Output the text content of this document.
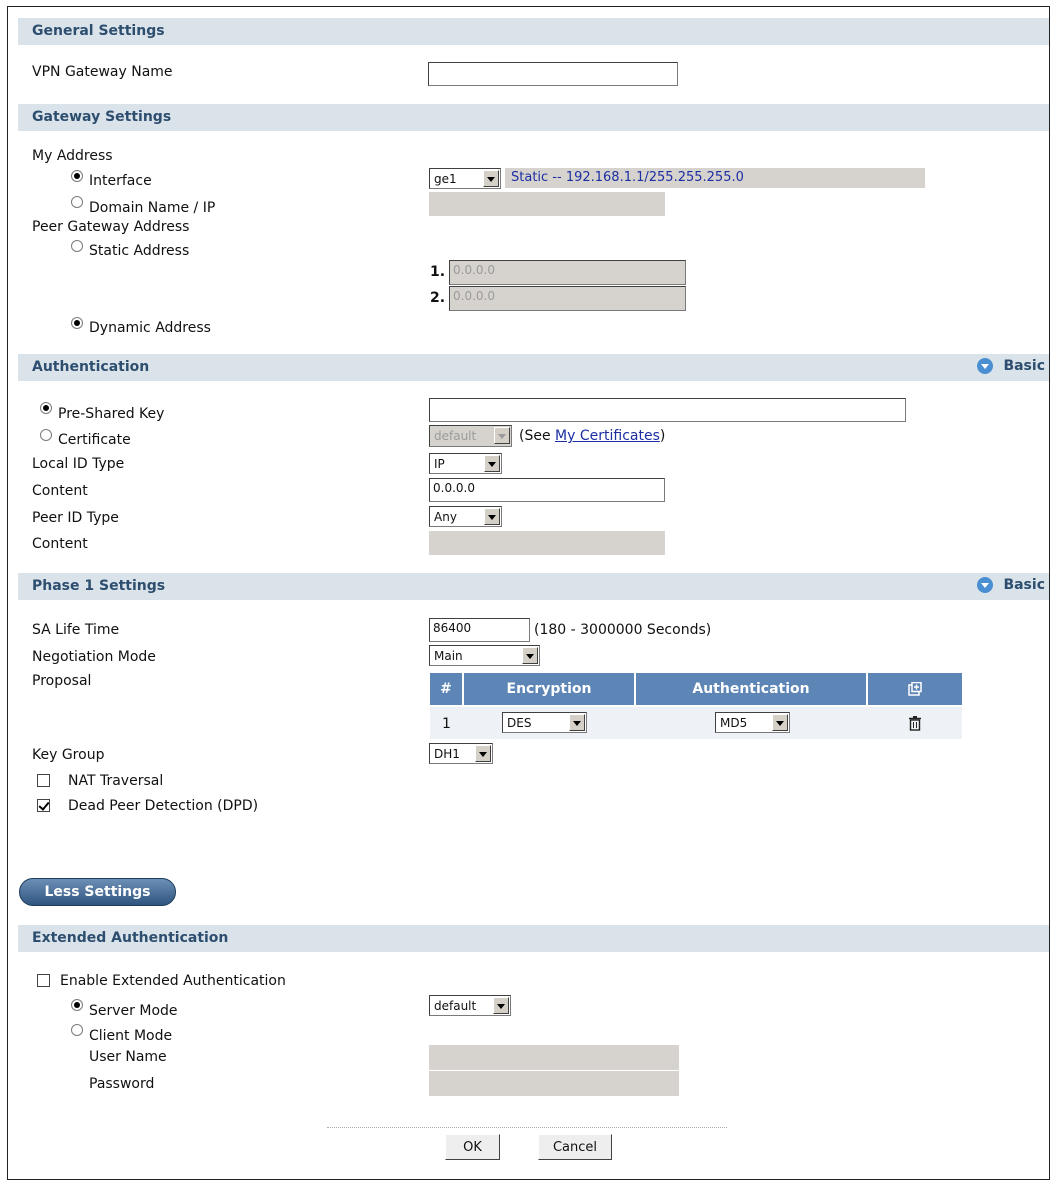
General Settings
VPN Gateway Name
Gateway Settings
My Address
Interface	ge1	Static -- 192.168.1.1/255.255.255.0
Domain Name / IP
Peer Gateway Address
Static Address
1. 0.0.0.0
2. 0.0.0.0
Dynamic Address
Authentication	Basic
Pre-Shared Key
Certificate	default	(See My Certificates)
Local ID Type	IP
Content	0.0.0.0
Peer ID Type	Any
Content
Phase 1 Settings	Basic
SA Life Time	86400	(180 - 3000000 Seconds)
Negotiation Mode	Main
Proposal	#	Encryption	Authentication
1	DES	MD5
Key Group	DH1
NAT Traversal
Dead Peer Detection (DPD)
Less Settings
Extended Authentication
Enable Extended Authentication
Server Mode	default
Client Mode
User Name
Password
OK	Cancel
